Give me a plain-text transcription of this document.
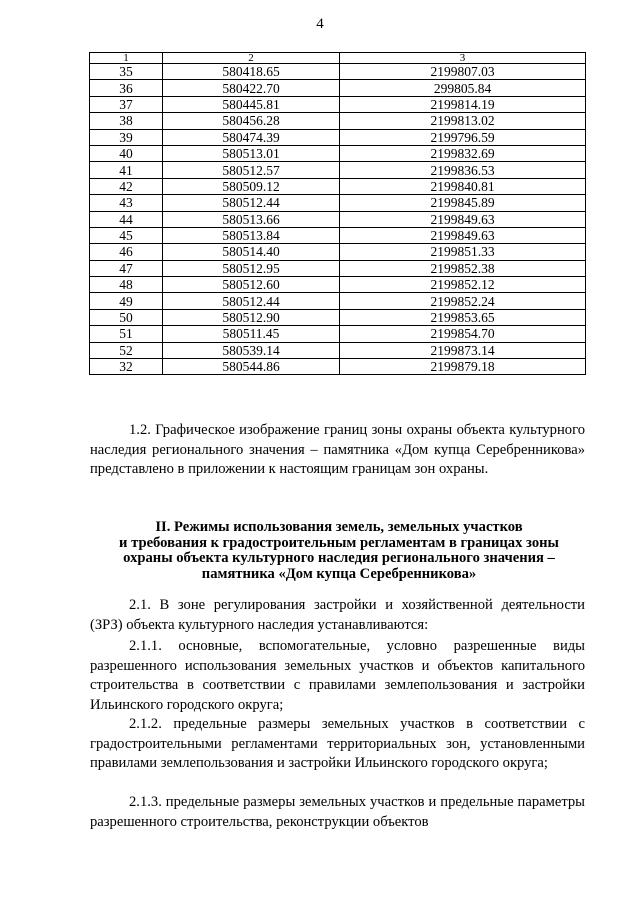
4
1	2	3
35	580418.65	2199807.03
36	580422.70	299805.84
37	580445.81	2199814.19
38	580456.28	2199813.02
39	580474.39	2199796.59
40	580513.01	2199832.69
41	580512.57	2199836.53
42	580509.12	2199840.81
43	580512.44	2199845.89
44	580513.66	2199849.63
45	580513.84	2199849.63
46	580514.40	2199851.33
47	580512.95	2199852.38
48	580512.60	2199852.12
49	580512.44	2199852.24
50	580512.90	2199853.65
51	580511.45	2199854.70
52	580539.14	2199873.14
32	580544.86	2199879.18
1.2. Графическое изображение границ зоны охраны объекта культурного наследия регионального значения – памятника «Дом купца Серебренникова» представлено в приложении к настоящим границам зон охраны.
II. Режимы использования земель, земельных участков
и требования к градостроительным регламентам в границах зоны
охраны объекта культурного наследия регионального значения –
памятника «Дом купца Серебренникова»
2.1. В зоне регулирования застройки и хозяйственной деятельности (ЗРЗ) объекта культурного наследия устанавливаются:
2.1.1. основные, вспомогательные, условно разрешенные виды разрешенного использования земельных участков и объектов капитального строительства в соответствии с правилами землепользования и застройки Ильинского городского округа;
2.1.2. предельные размеры земельных участков в соответствии с градостроительными регламентами территориальных зон, установленными правилами землепользования и застройки Ильинского городского округа;
2.1.3. предельные размеры земельных участков и предельные параметры разрешенного строительства, реконструкции объектов
